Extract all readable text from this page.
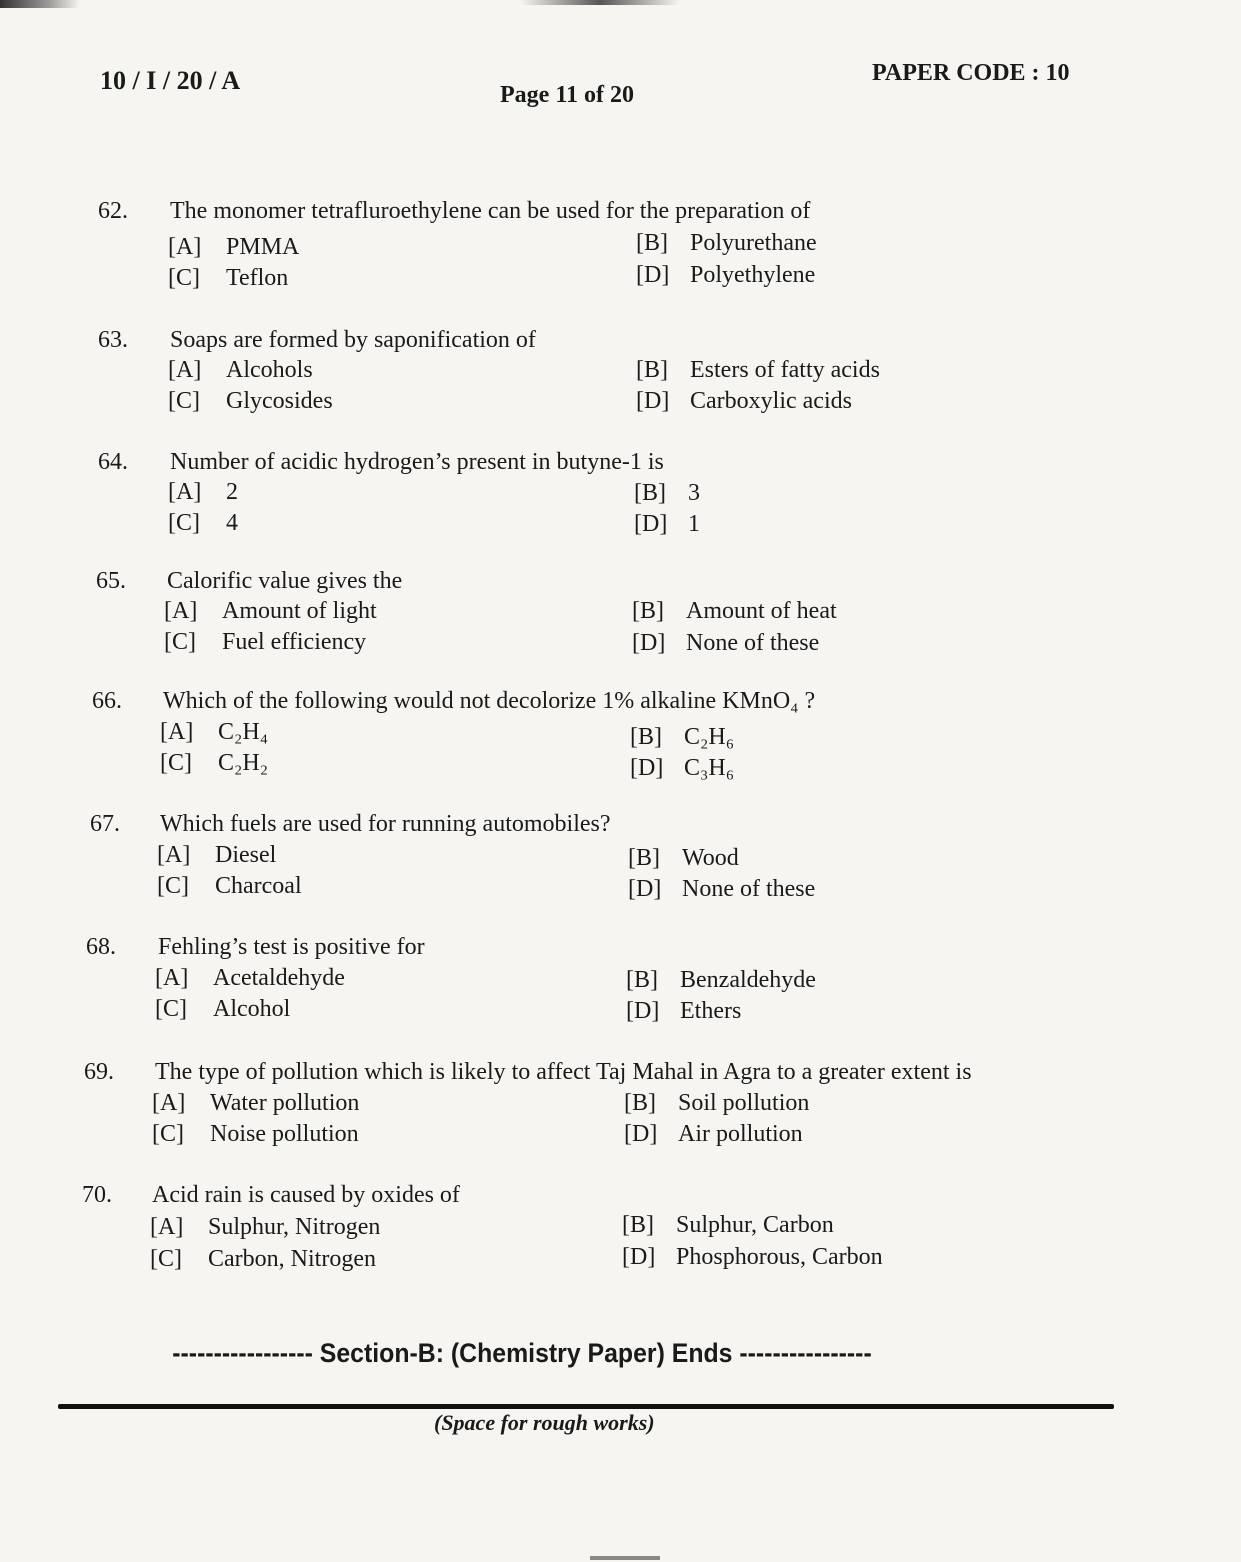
10 / I / 20 / A	Page 11 of 20
PAPER CODE : 10
62. The monomer tetrafluroethylene can be used for the preparation of
[A] PMMA	[B] Polyurethane
[C] Teflon	[D] Polyethylene
63. Soaps are formed by saponification of
[A] Alcohols	[B] Esters of fatty acids
[C] Glycosides	[D] Carboxylic acids
64. Number of acidic hydrogen’s present in butyne-1 is
[A] 2	[B] 3
[C] 4	[D] 1
65. Calorific value gives the
[A] Amount of light	[B] Amount of heat
[C] Fuel efficiency	[D] None of these
66. Which of the following would not decolorize 1% alkaline KMnO₄ ?
[A] C₂H₄	[B] C₂H₆
[C] C₂H₂	[D] C₃H₆
67. Which fuels are used for running automobiles?
[A] Diesel	[B] Wood
[C] Charcoal	[D] None of these
68. Fehling’s test is positive for
[A] Acetaldehyde	[B] Benzaldehyde
[C] Alcohol	[D] Ethers
69. The type of pollution which is likely to affect Taj Mahal in Agra to a greater extent is
[A] Water pollution	[B] Soil pollution
[C] Noise pollution	[D] Air pollution
70. Acid rain is caused by oxides of
[A] Sulphur, Nitrogen	[B] Sulphur, Carbon
[C] Carbon, Nitrogen	[D] Phosphorous, Carbon
----------------- Section-B: (Chemistry Paper) Ends ----------------
(Space for rough works)
